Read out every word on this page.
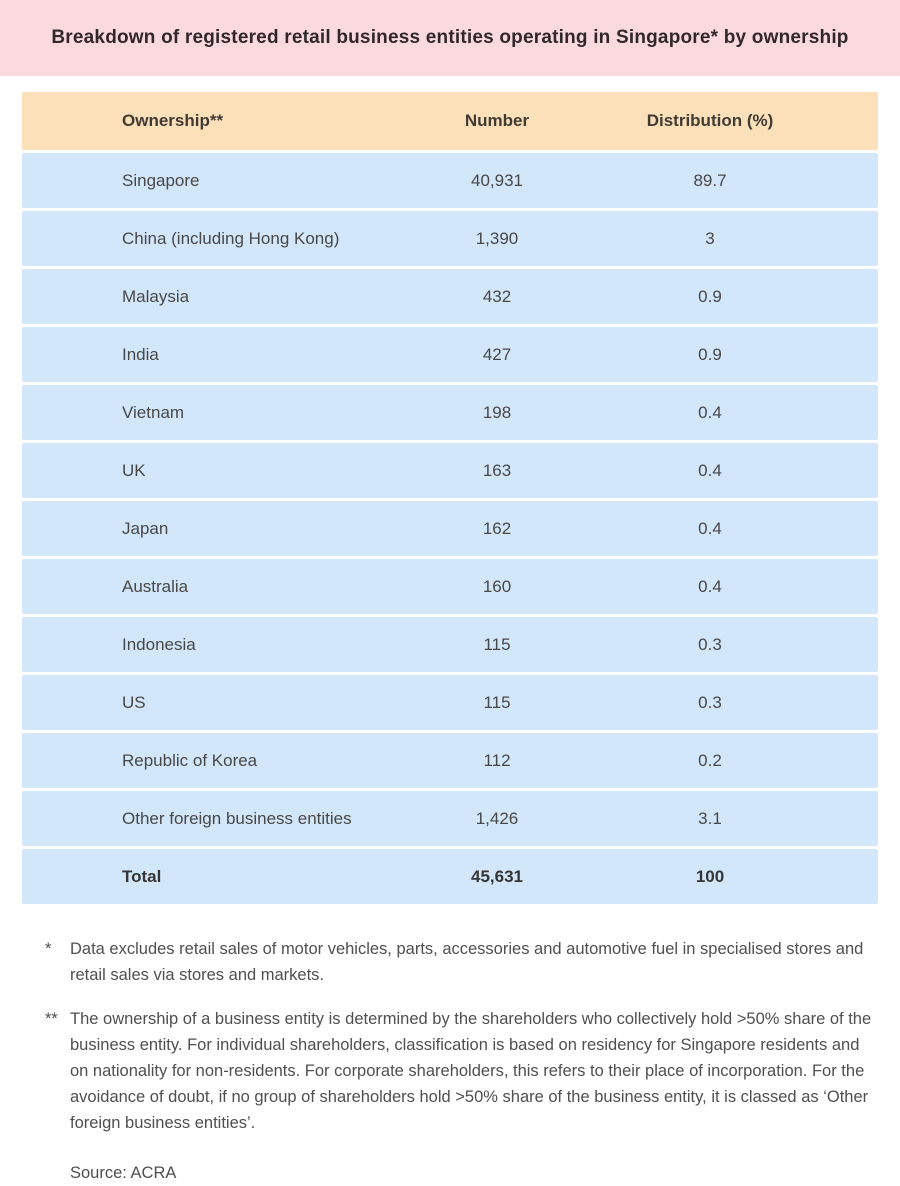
Breakdown of registered retail business entities operating in Singapore* by ownership
Ownership**	Number	Distribution (%)
Singapore	40,931	89.7
China (including Hong Kong)	1,390	3
Malaysia	432	0.9
India	427	0.9
Vietnam	198	0.4
UK	163	0.4
Japan	162	0.4
Australia	160	0.4
Indonesia	115	0.3
US	115	0.3
Republic of Korea	112	0.2
Other foreign business entities	1,426	3.1
Total	45,631	100
*	Data excludes retail sales of motor vehicles, parts, accessories and automotive fuel in specialised stores and retail sales via stores and markets.
** The ownership of a business entity is determined by the shareholders who collectively hold >50% share of the business entity. For individual shareholders, classification is based on residency for Singapore residents and on nationality for non-residents. For corporate shareholders, this refers to their place of incorporation. For the avoidance of doubt, if no group of shareholders hold >50% share of the business entity, it is classed as ‘Other foreign business entities’.
Source: ACRA
